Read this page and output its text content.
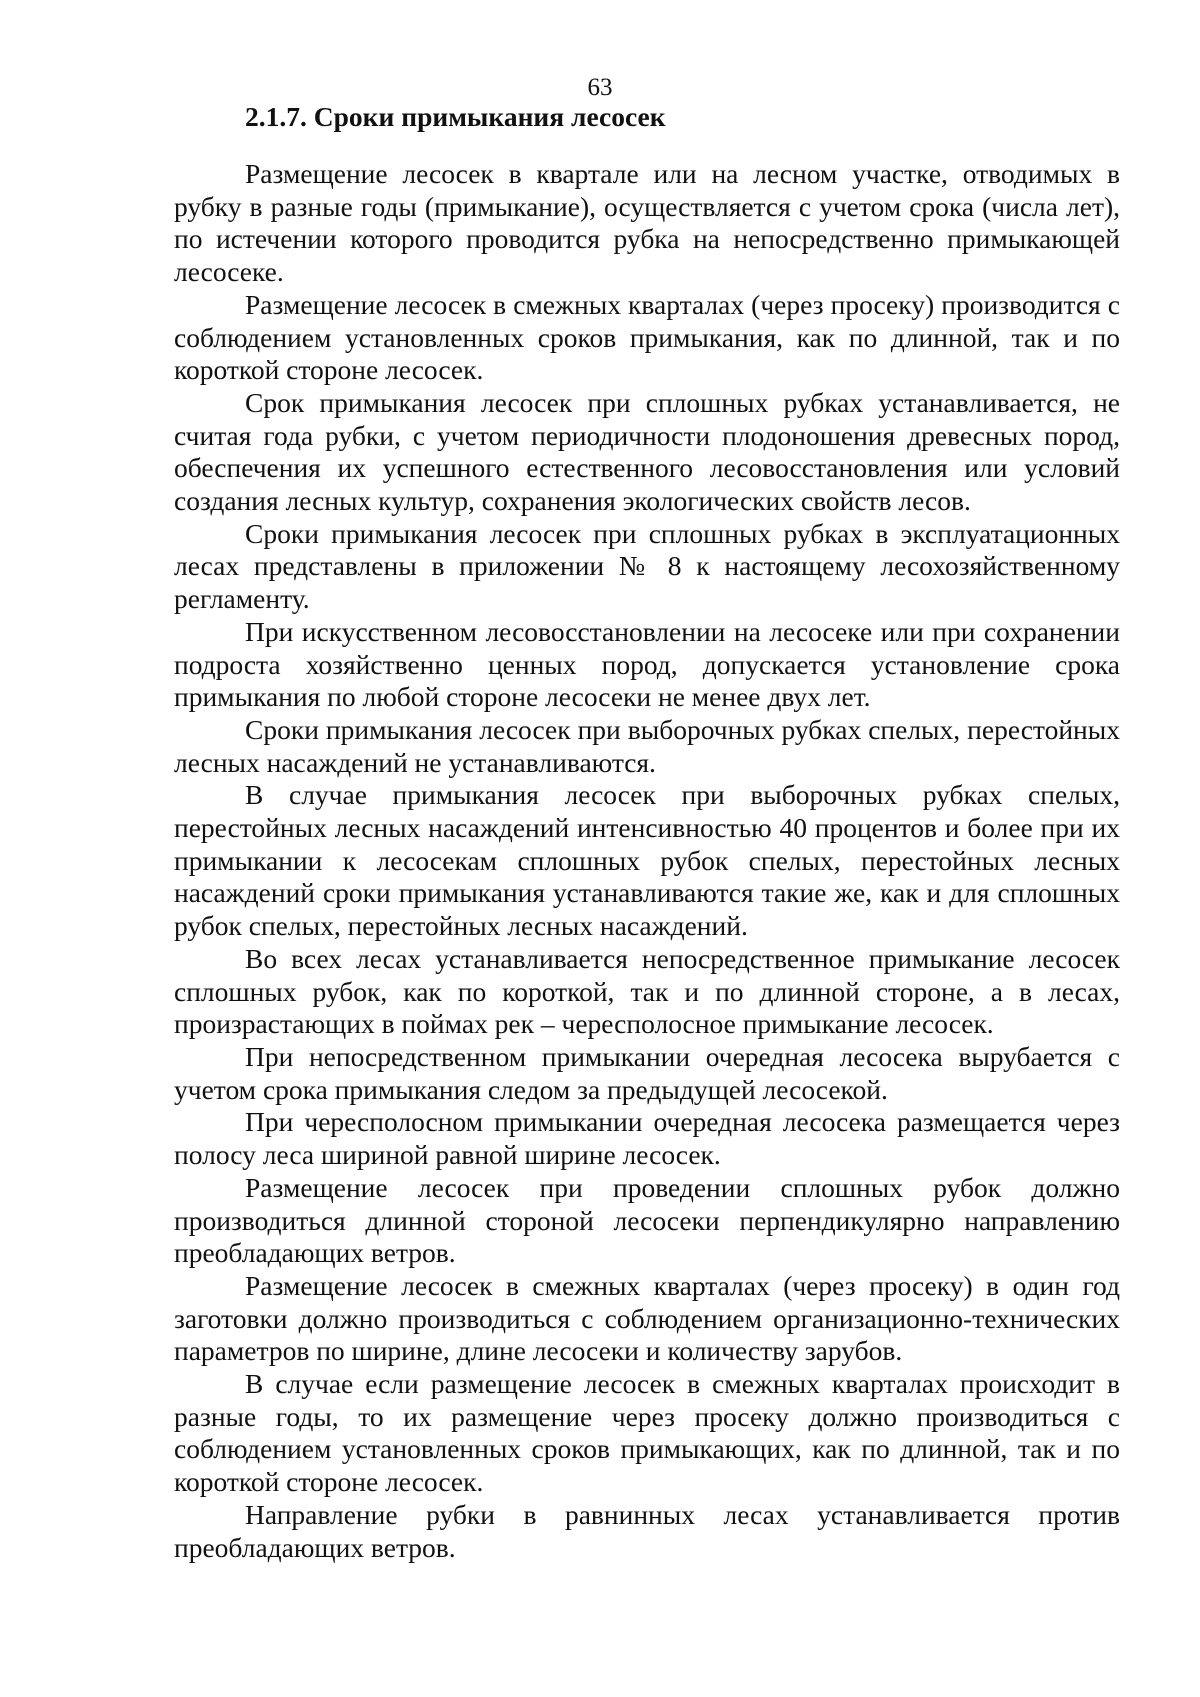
63
2.1.7. Сроки примыкания лесосек

Размещение лесосек в квартале или на лесном участке, отводимых в рубку в разные годы (примыкание), осуществляется с учетом срока (числа лет), по истечении которого проводится рубка на непосредственно примыкающей лесосеке.

Размещение лесосек в смежных кварталах (через просеку) производится с соблюдением установленных сроков примыкания, как по длинной, так и по короткой стороне лесосек.

Срок примыкания лесосек при сплошных рубках устанавливается, не считая года рубки, с учетом периодичности плодоношения древесных пород, обеспечения их успешного естественного лесовосстановления или условий создания лесных культур, сохранения экологических свойств лесов.

Сроки примыкания лесосек при сплошных рубках в эксплуатационных лесах представлены в приложении № 8 к настоящему лесохозяйственному регламенту.

При искусственном лесовосстановлении на лесосеке или при сохранении подроста хозяйственно ценных пород, допускается установление срока примыкания по любой стороне лесосеки не менее двух лет.

Сроки примыкания лесосек при выборочных рубках спелых, перестойных лесных насаждений не устанавливаются.

В случае примыкания лесосек при выборочных рубках спелых, перестойных лесных насаждений интенсивностью 40 процентов и более при их примыкании к лесосекам сплошных рубок спелых, перестойных лесных насаждений сроки примыкания устанавливаются такие же, как и для сплошных рубок спелых, перестойных лесных насаждений.

Во всех лесах устанавливается непосредственное примыкание лесосек сплошных рубок, как по короткой, так и по длинной стороне, а в лесах, произрастающих в поймах рек – чересполосное примыкание лесосек.

При непосредственном примыкании очередная лесосека вырубается с учетом срока примыкания следом за предыдущей лесосекой.

При чересполосном примыкании очередная лесосека размещается через полосу леса шириной равной ширине лесосек.

Размещение лесосек при проведении сплошных рубок должно производиться длинной стороной лесосеки перпендикулярно направлению преобладающих ветров.

Размещение лесосек в смежных кварталах (через просеку) в один год заготовки должно производиться с соблюдением организационно-технических параметров по ширине, длине лесосеки и количеству зарубов.

В случае если размещение лесосек в смежных кварталах происходит в разные годы, то их размещение через просеку должно производиться с соблюдением установленных сроков примыкающих, как по длинной, так и по короткой стороне лесосек.

Направление рубки в равнинных лесах устанавливается против преобладающих ветров.
